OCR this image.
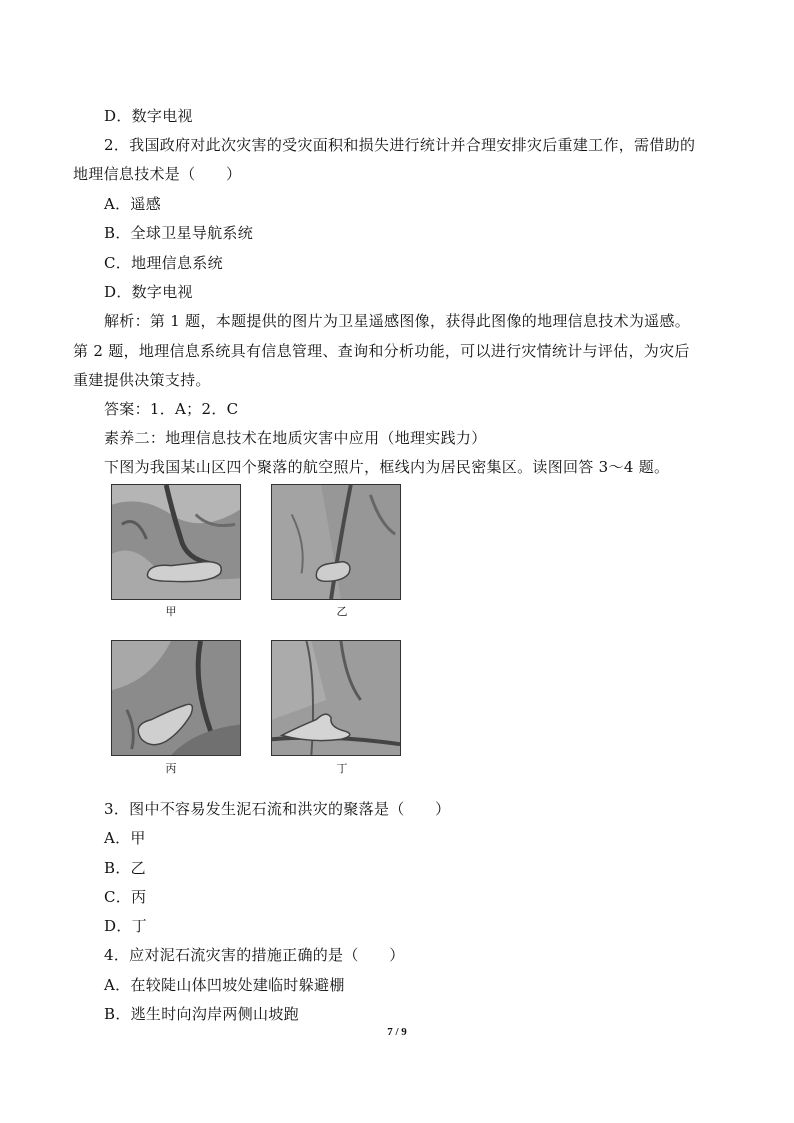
D．数字电视
2．我国政府对此次灾害的受灾面积和损失进行统计并合理安排灾后重建工作，需借助的
地理信息技术是（　　）
A．遥感
B．全球卫星导航系统
C．地理信息系统
D．数字电视
解析：第 1 题，本题提供的图片为卫星遥感图像，获得此图像的地理信息技术为遥感。
第 2 题，地理信息系统具有信息管理、查询和分析功能，可以进行灾情统计与评估，为灾后
重建提供决策支持。
答案：1．A；2．C
素养二：地理信息技术在地质灾害中应用（地理实践力）
下图为我国某山区四个聚落的航空照片，框线内为居民密集区。读图回答 3～4 题。
甲	乙
丙	丁
3．图中不容易发生泥石流和洪灾的聚落是（　　）
A．甲
B．乙
C．丙
D．丁
4．应对泥石流灾害的措施正确的是（　　）
A．在较陡山体凹坡处建临时躲避棚
B．逃生时向沟岸两侧山坡跑
7 / 9
